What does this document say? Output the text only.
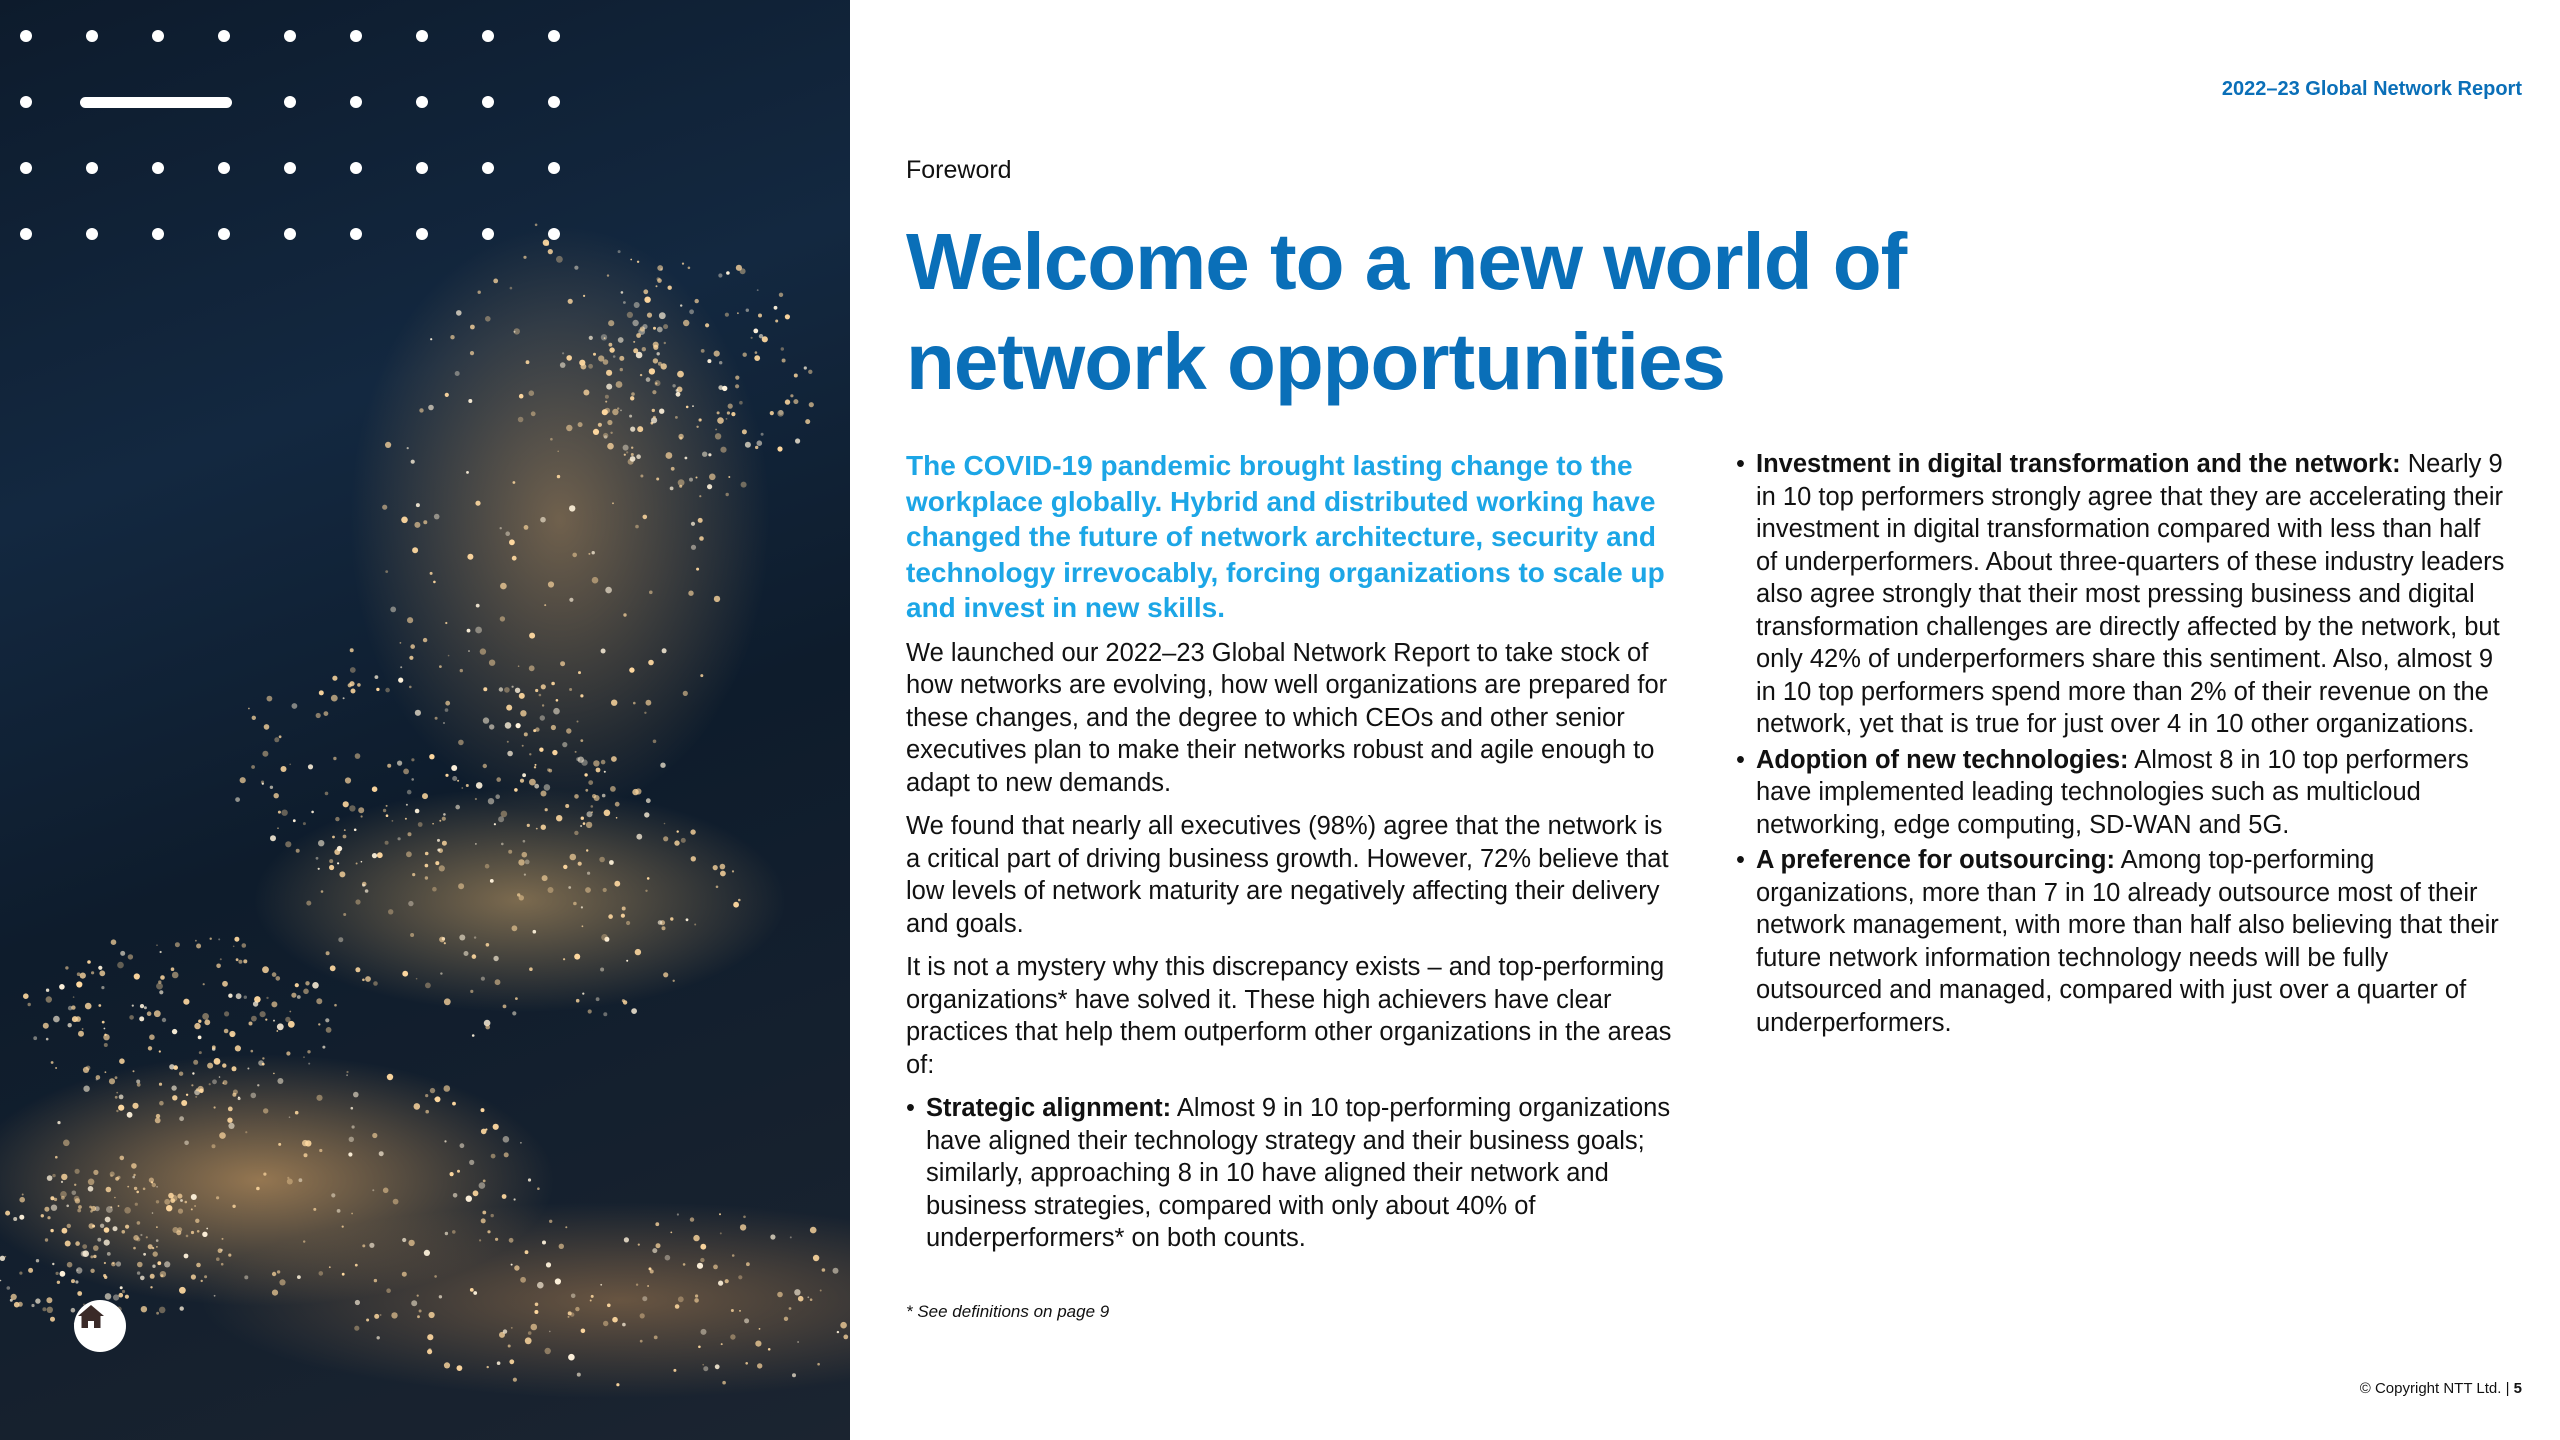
2022–23 Global Network Report
Foreword
Welcome to a new world of
network opportunities

The COVID-19 pandemic brought lasting change to the workplace globally. Hybrid and distributed working have changed the future of network architecture, security and technology irrevocably, forcing organizations to scale up and invest in new skills.

We launched our 2022–23 Global Network Report to take stock of how networks are evolving, how well organizations are prepared for these changes, and the degree to which CEOs and other senior executives plan to make their networks robust and agile enough to adapt to new demands.

We found that nearly all executives (98%) agree that the network is a critical part of driving business growth. However, 72% believe that low levels of network maturity are negatively affecting their delivery and goals.

It is not a mystery why this discrepancy exists – and top-performing organizations* have solved it. These high achievers have clear practices that help them outperform other organizations in the areas of:

• Strategic alignment: Almost 9 in 10 top-performing organizations have aligned their technology strategy and their business goals; similarly, approaching 8 in 10 have aligned their network and business strategies, compared with only about 40% of underperformers* on both counts.
• Investment in digital transformation and the network: Nearly 9 in 10 top performers strongly agree that they are accelerating their investment in digital transformation compared with less than half of underperformers. About three-quarters of these industry leaders also agree strongly that their most pressing business and digital transformation challenges are directly affected by the network, but only 42% of underperformers share this sentiment. Also, almost 9 in 10 top performers spend more than 2% of their revenue on the network, yet that is true for just over 4 in 10 other organizations.
• Adoption of new technologies: Almost 8 in 10 top performers have implemented leading technologies such as multicloud networking, edge computing, SD-WAN and 5G.
• A preference for outsourcing: Among top-performing organizations, more than 7 in 10 already outsource most of their network management, with more than half also believing that their future network information technology needs will be fully outsourced and managed, compared with just over a quarter of underperformers.
* See definitions on page 9
© Copyright NTT Ltd. | 5
